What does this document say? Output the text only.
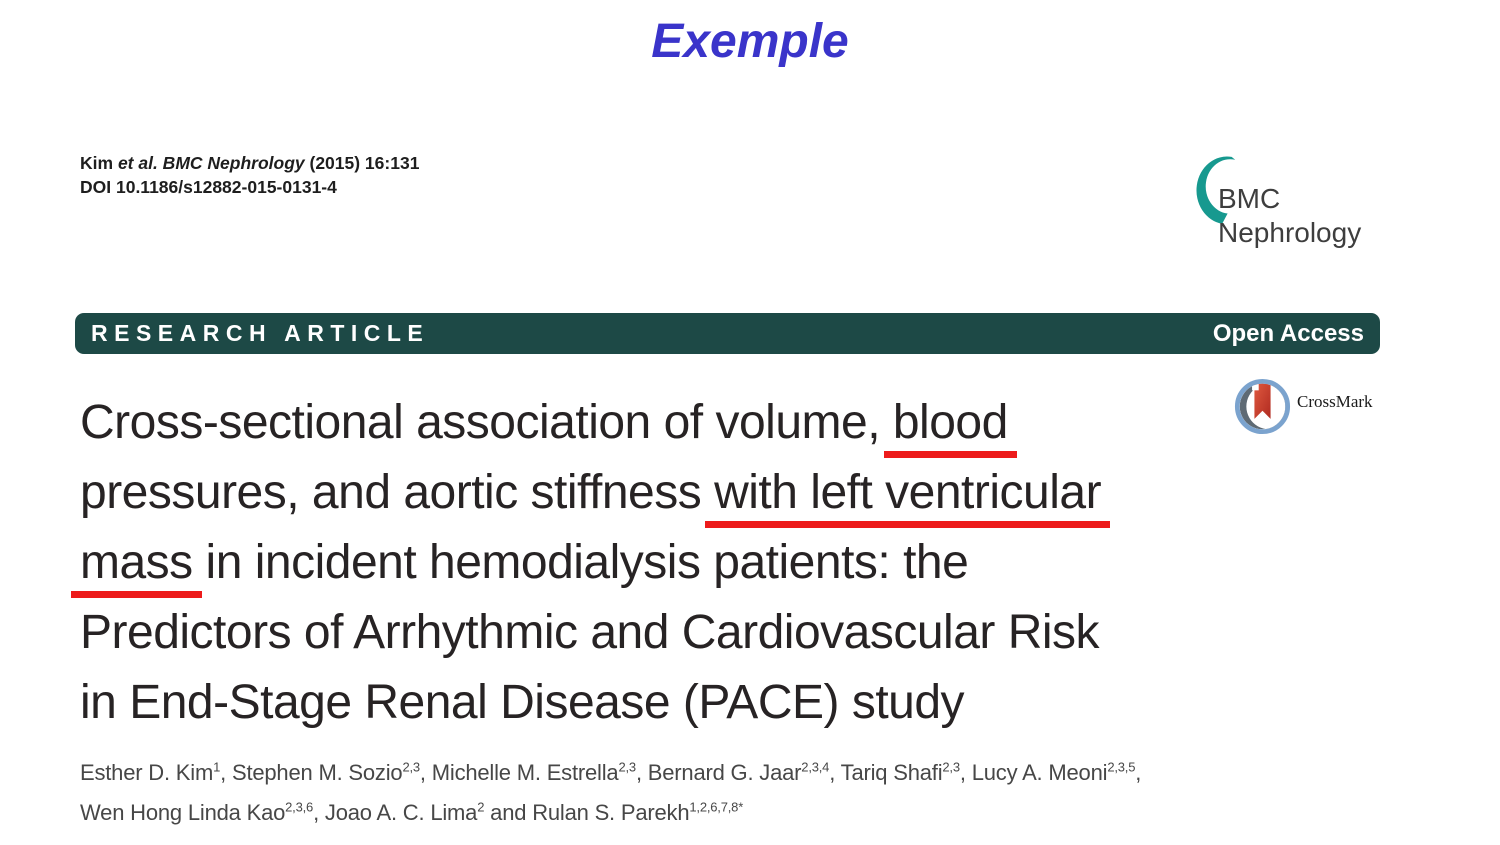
Exemple
Kim et al. BMC Nephrology (2015) 16:131
DOI 10.1186/s12882-015-0131-4	BMC
Nephrology
RESEARCH ARTICLE	Open Access
CrossMark
Cross-sectional association of volume, blood
pressures, and aortic stiffness with left ventricular
mass in incident hemodialysis patients: the
Predictors of Arrhythmic and Cardiovascular Risk
in End-Stage Renal Disease (PACE) study
Esther D. Kim$^1$, Stephen M. Sozio$^{2,3}$, Michelle M. Estrella$^{2,3}$, Bernard G. Jaar$^{2,3,4}$, Tariq Shafi$^{2,3}$, Lucy A. Meoni$^{2,3,5}$,
Wen Hong Linda Kao$^{2,3,6}$, Joao A. C. Lima$^2$ and Rulan S. Parekh$^{1,2,6,7,8*}$
